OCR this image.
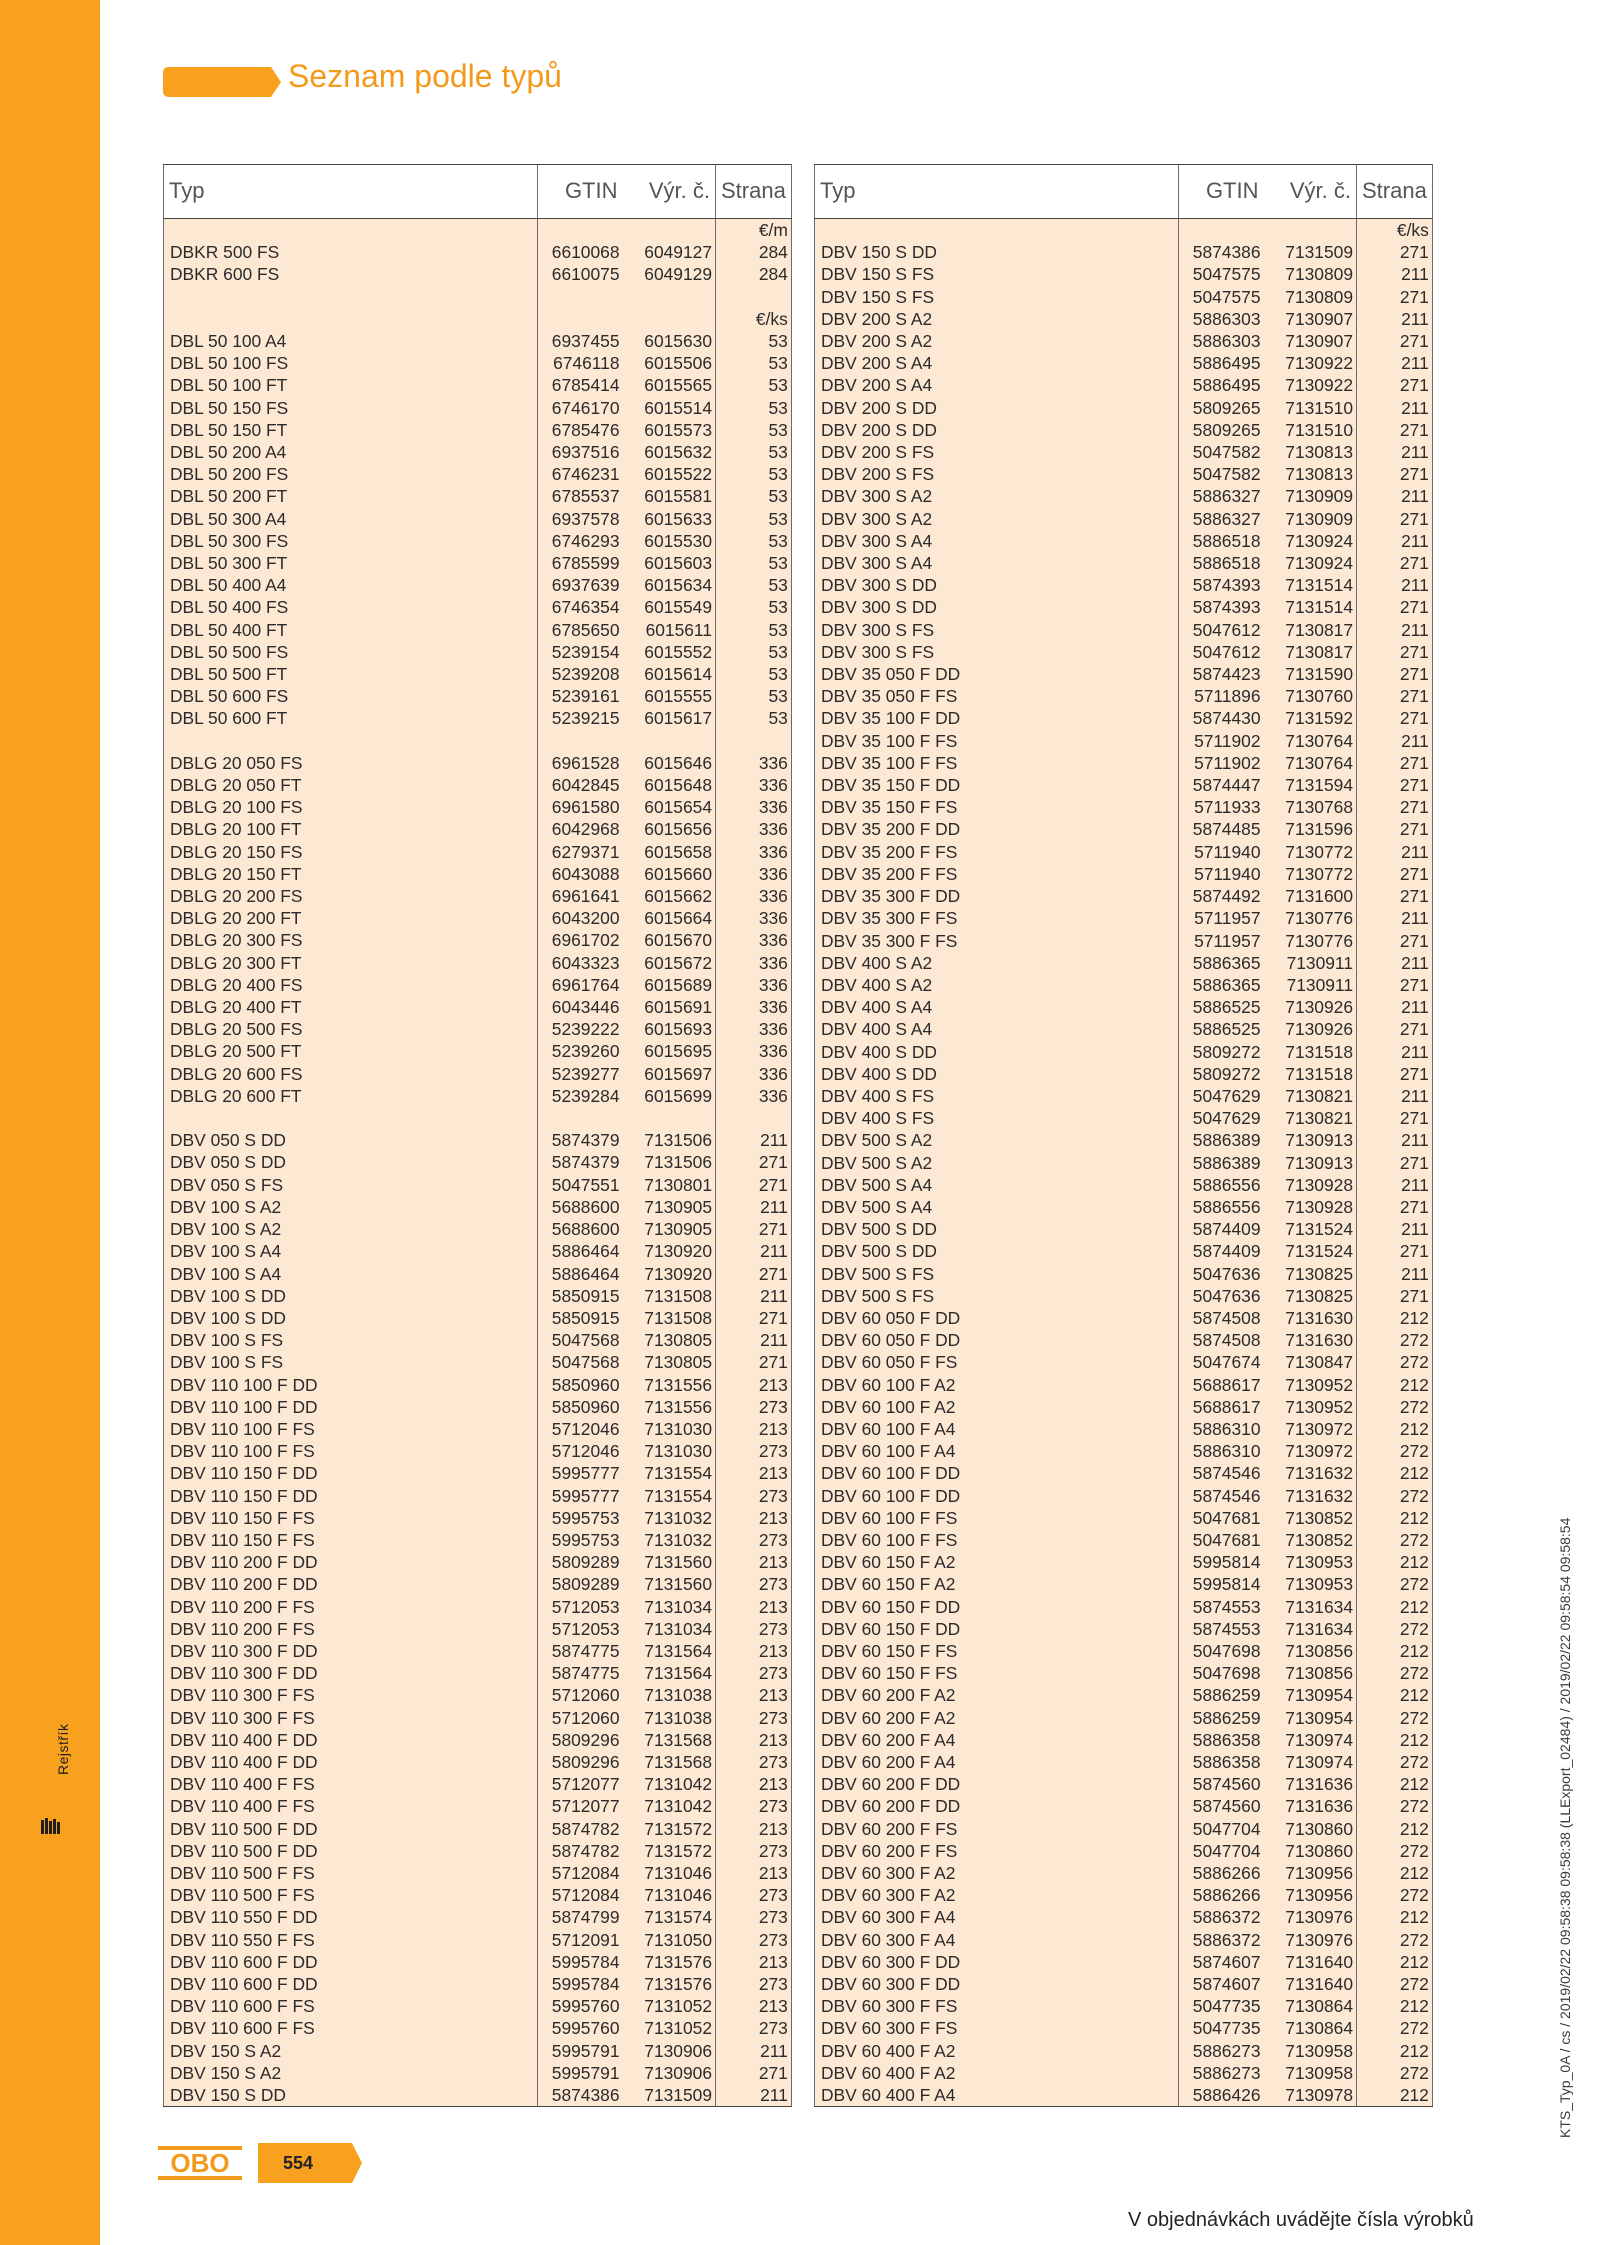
Rejstřík
Seznam podle typů
Typ	GTIN	Výr. č.	Strana
			€/m
DBKR 500 FS	6610068	6049127	284
DBKR 600 FS	6610075	6049129	284

			€/ks
DBL 50 100 A4	6937455	6015630	53
DBL 50 100 FS	6746118	6015506	53
DBL 50 100 FT	6785414	6015565	53
DBL 50 150 FS	6746170	6015514	53
DBL 50 150 FT	6785476	6015573	53
DBL 50 200 A4	6937516	6015632	53
DBL 50 200 FS	6746231	6015522	53
DBL 50 200 FT	6785537	6015581	53
DBL 50 300 A4	6937578	6015633	53
DBL 50 300 FS	6746293	6015530	53
DBL 50 300 FT	6785599	6015603	53
DBL 50 400 A4	6937639	6015634	53
DBL 50 400 FS	6746354	6015549	53
DBL 50 400 FT	6785650	6015611	53
DBL 50 500 FS	5239154	6015552	53
DBL 50 500 FT	5239208	6015614	53
DBL 50 600 FS	5239161	6015555	53
DBL 50 600 FT	5239215	6015617	53

DBLG 20 050 FS	6961528	6015646	336
DBLG 20 050 FT	6042845	6015648	336
DBLG 20 100 FS	6961580	6015654	336
DBLG 20 100 FT	6042968	6015656	336
DBLG 20 150 FS	6279371	6015658	336
DBLG 20 150 FT	6043088	6015660	336
DBLG 20 200 FS	6961641	6015662	336
DBLG 20 200 FT	6043200	6015664	336
DBLG 20 300 FS	6961702	6015670	336
DBLG 20 300 FT	6043323	6015672	336
DBLG 20 400 FS	6961764	6015689	336
DBLG 20 400 FT	6043446	6015691	336
DBLG 20 500 FS	5239222	6015693	336
DBLG 20 500 FT	5239260	6015695	336
DBLG 20 600 FS	5239277	6015697	336
DBLG 20 600 FT	5239284	6015699	336

DBV 050 S DD	5874379	7131506	211
DBV 050 S DD	5874379	7131506	271
DBV 050 S FS	5047551	7130801	271
DBV 100 S A2	5688600	7130905	211
DBV 100 S A2	5688600	7130905	271
DBV 100 S A4	5886464	7130920	211
DBV 100 S A4	5886464	7130920	271
DBV 100 S DD	5850915	7131508	211
DBV 100 S DD	5850915	7131508	271
DBV 100 S FS	5047568	7130805	211
DBV 100 S FS	5047568	7130805	271
DBV 110 100 F DD	5850960	7131556	213
DBV 110 100 F DD	5850960	7131556	273
DBV 110 100 F FS	5712046	7131030	213
DBV 110 100 F FS	5712046	7131030	273
DBV 110 150 F DD	5995777	7131554	213
DBV 110 150 F DD	5995777	7131554	273
DBV 110 150 F FS	5995753	7131032	213
DBV 110 150 F FS	5995753	7131032	273
DBV 110 200 F DD	5809289	7131560	213
DBV 110 200 F DD	5809289	7131560	273
DBV 110 200 F FS	5712053	7131034	213
DBV 110 200 F FS	5712053	7131034	273
DBV 110 300 F DD	5874775	7131564	213
DBV 110 300 F DD	5874775	7131564	273
DBV 110 300 F FS	5712060	7131038	213
DBV 110 300 F FS	5712060	7131038	273
DBV 110 400 F DD	5809296	7131568	213
DBV 110 400 F DD	5809296	7131568	273
DBV 110 400 F FS	5712077	7131042	213
DBV 110 400 F FS	5712077	7131042	273
DBV 110 500 F DD	5874782	7131572	213
DBV 110 500 F DD	5874782	7131572	273
DBV 110 500 F FS	5712084	7131046	213
DBV 110 500 F FS	5712084	7131046	273
DBV 110 550 F DD	5874799	7131574	273
DBV 110 550 F FS	5712091	7131050	273
DBV 110 600 F DD	5995784	7131576	213
DBV 110 600 F DD	5995784	7131576	273
DBV 110 600 F FS	5995760	7131052	213
DBV 110 600 F FS	5995760	7131052	273
DBV 150 S A2	5995791	7130906	211
DBV 150 S A2	5995791	7130906	271
DBV 150 S DD	5874386	7131509	211
Typ	GTIN	Výr. č.	Strana
			€/ks
DBV 150 S DD	5874386	7131509	271
DBV 150 S FS	5047575	7130809	211
DBV 150 S FS	5047575	7130809	271
DBV 200 S A2	5886303	7130907	211
DBV 200 S A2	5886303	7130907	271
DBV 200 S A4	5886495	7130922	211
DBV 200 S A4	5886495	7130922	271
DBV 200 S DD	5809265	7131510	211
DBV 200 S DD	5809265	7131510	271
DBV 200 S FS	5047582	7130813	211
DBV 200 S FS	5047582	7130813	271
DBV 300 S A2	5886327	7130909	211
DBV 300 S A2	5886327	7130909	271
DBV 300 S A4	5886518	7130924	211
DBV 300 S A4	5886518	7130924	271
DBV 300 S DD	5874393	7131514	211
DBV 300 S DD	5874393	7131514	271
DBV 300 S FS	5047612	7130817	211
DBV 300 S FS	5047612	7130817	271
DBV 35 050 F DD	5874423	7131590	271
DBV 35 050 F FS	5711896	7130760	271
DBV 35 100 F DD	5874430	7131592	271
DBV 35 100 F FS	5711902	7130764	211
DBV 35 100 F FS	5711902	7130764	271
DBV 35 150 F DD	5874447	7131594	271
DBV 35 150 F FS	5711933	7130768	271
DBV 35 200 F DD	5874485	7131596	271
DBV 35 200 F FS	5711940	7130772	211
DBV 35 200 F FS	5711940	7130772	271
DBV 35 300 F DD	5874492	7131600	271
DBV 35 300 F FS	5711957	7130776	211
DBV 35 300 F FS	5711957	7130776	271
DBV 400 S A2	5886365	7130911	211
DBV 400 S A2	5886365	7130911	271
DBV 400 S A4	5886525	7130926	211
DBV 400 S A4	5886525	7130926	271
DBV 400 S DD	5809272	7131518	211
DBV 400 S DD	5809272	7131518	271
DBV 400 S FS	5047629	7130821	211
DBV 400 S FS	5047629	7130821	271
DBV 500 S A2	5886389	7130913	211
DBV 500 S A2	5886389	7130913	271
DBV 500 S A4	5886556	7130928	211
DBV 500 S A4	5886556	7130928	271
DBV 500 S DD	5874409	7131524	211
DBV 500 S DD	5874409	7131524	271
DBV 500 S FS	5047636	7130825	211
DBV 500 S FS	5047636	7130825	271
DBV 60 050 F DD	5874508	7131630	212
DBV 60 050 F DD	5874508	7131630	272
DBV 60 050 F FS	5047674	7130847	272
DBV 60 100 F A2	5688617	7130952	212
DBV 60 100 F A2	5688617	7130952	272
DBV 60 100 F A4	5886310	7130972	212
DBV 60 100 F A4	5886310	7130972	272
DBV 60 100 F DD	5874546	7131632	212
DBV 60 100 F DD	5874546	7131632	272
DBV 60 100 F FS	5047681	7130852	212
DBV 60 100 F FS	5047681	7130852	272
DBV 60 150 F A2	5995814	7130953	212
DBV 60 150 F A2	5995814	7130953	272
DBV 60 150 F DD	5874553	7131634	212
DBV 60 150 F DD	5874553	7131634	272
DBV 60 150 F FS	5047698	7130856	212
DBV 60 150 F FS	5047698	7130856	272
DBV 60 200 F A2	5886259	7130954	212
DBV 60 200 F A2	5886259	7130954	272
DBV 60 200 F A4	5886358	7130974	212
DBV 60 200 F A4	5886358	7130974	272
DBV 60 200 F DD	5874560	7131636	212
DBV 60 200 F DD	5874560	7131636	272
DBV 60 200 F FS	5047704	7130860	212
DBV 60 200 F FS	5047704	7130860	272
DBV 60 300 F A2	5886266	7130956	212
DBV 60 300 F A2	5886266	7130956	272
DBV 60 300 F A4	5886372	7130976	212
DBV 60 300 F A4	5886372	7130976	272
DBV 60 300 F DD	5874607	7131640	212
DBV 60 300 F DD	5874607	7131640	272
DBV 60 300 F FS	5047735	7130864	212
DBV 60 300 F FS	5047735	7130864	272
DBV 60 400 F A2	5886273	7130958	212
DBV 60 400 F A2	5886273	7130958	272
DBV 60 400 F A4	5886426	7130978	212	KTS_Typ_0A / cs / 2019/02/22 09:58:38 09:58:38 (LLExport_02484) / 2019/02/22 09:58:54 09:58:54
OBO	554
V objednávkách uvádějte čísla výrobků
